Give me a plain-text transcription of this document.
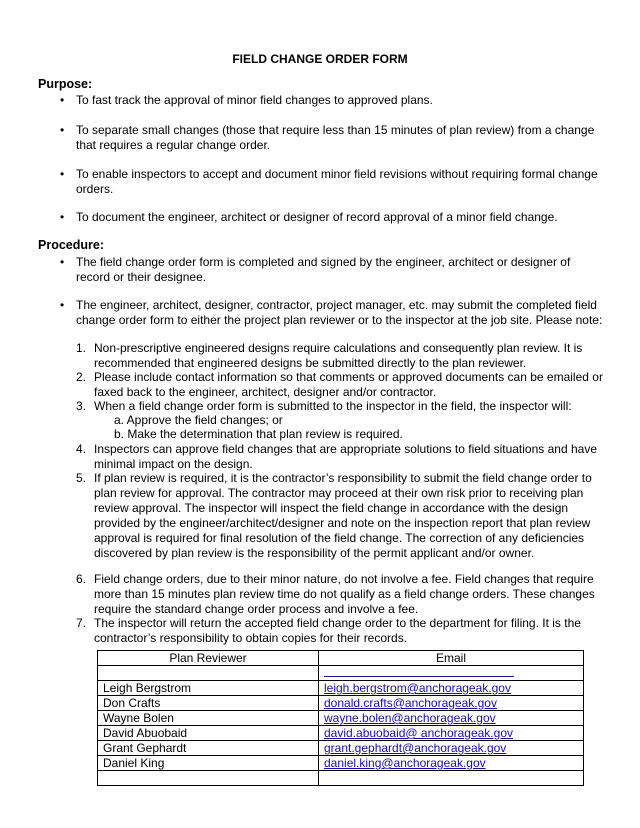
FIELD CHANGE ORDER FORM
Purpose:
• To fast track the approval of minor field changes to approved plans.
• To separate small changes (those that require less than 15 minutes of plan review) from a change that requires a regular change order.
• To enable inspectors to accept and document minor field revisions without requiring formal change orders.
• To document the engineer, architect or designer of record approval of a minor field change.
Procedure:
• The field change order form is completed and signed by the engineer, architect or designer of record or their designee.
• The engineer, architect, designer, contractor, project manager, etc. may submit the completed field change order form to either the project plan reviewer or to the inspector at the job site. Please note:
1. Non-prescriptive engineered designs require calculations and consequently plan review. It is recommended that engineered designs be submitted directly to the plan reviewer.
2. Please include contact information so that comments or approved documents can be emailed or faxed back to the engineer, architect, designer and/or contractor.
3. When a field change order form is submitted to the inspector in the field, the inspector will:
a. Approve the field changes; or
b. Make the determination that plan review is required.
4. Inspectors can approve field changes that are appropriate solutions to field situations and have minimal impact on the design.
5. If plan review is required, it is the contractor’s responsibility to submit the field change order to plan review for approval. The contractor may proceed at their own risk prior to receiving plan review approval. The inspector will inspect the field change in accordance with the design provided by the engineer/architect/designer and note on the inspection report that plan review approval is required for final resolution of the field change. The correction of any deficiencies discovered by plan review is the responsibility of the permit applicant and/or owner.
6. Field change orders, due to their minor nature, do not involve a fee. Field changes that require more than 15 minutes plan review time do not qualify as a field change orders. These changes require the standard change order process and involve a fee.
7. The inspector will return the accepted field change order to the department for filing. It is the contractor’s responsibility to obtain copies for their records.
Plan Reviewer	Email

Leigh Bergstrom	leigh.bergstrom@anchorageak.gov
Don Crafts	donald.crafts@anchorageak.gov
Wayne Bolen	wayne.bolen@anchorageak.gov
David Abuobaid	david.abuobaid@ anchorageak.gov
Grant Gephardt	grant.gephardt@anchorageak.gov
Daniel King	daniel.king@anchorageak.gov
